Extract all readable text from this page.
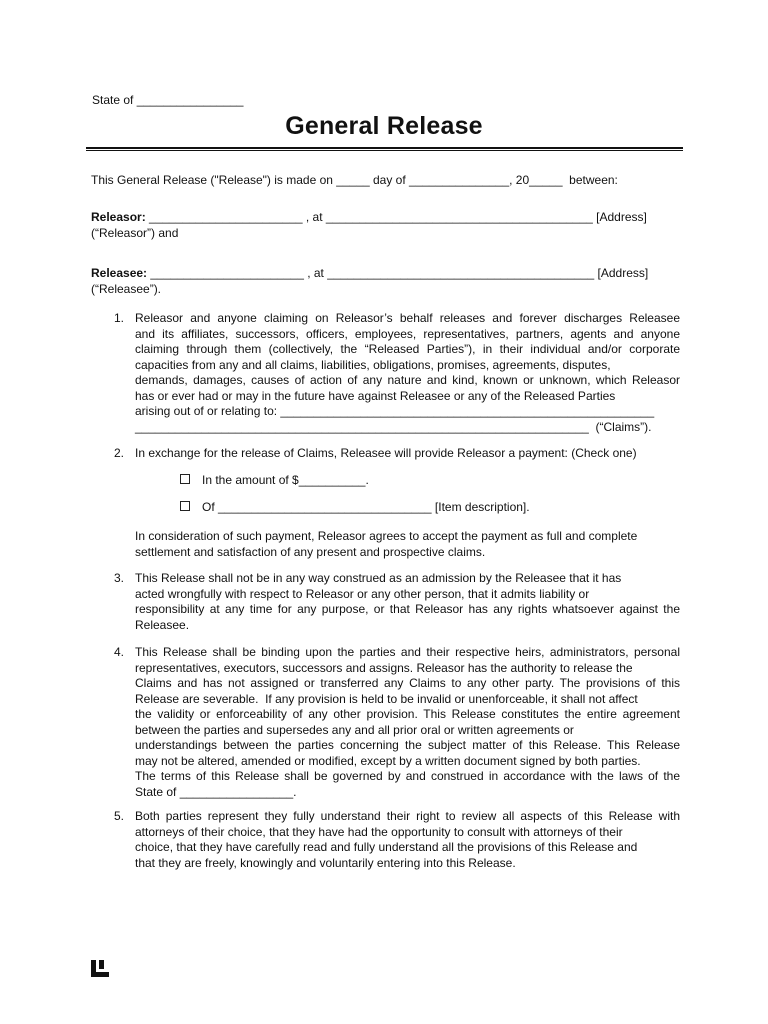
State of ________________
General Release
This General Release ("Release") is made on _____ day of _______________, 20_____  between:
Releasor: _______________________ , at ________________________________________ [Address]
(“Releasor”) and
Releasee: _______________________ , at ________________________________________ [Address]
(“Releasee”).
1. Releasor and anyone claiming on Releasor’s behalf releases and forever discharges Releasee
and its affiliates, successors, officers, employees, representatives, partners, agents and anyone
claiming through them (collectively, the “Released Parties”), in their individual and/or corporate
capacities from any and all claims, liabilities, obligations, promises, agreements, disputes,
demands, damages, causes of action of any nature and kind, known or unknown, which Releasor
has or ever had or may in the future have against Releasee or any of the Released Parties
arising out of or relating to: ________________________________________________________
____________________________________________________________________  (“Claims”).
2. In exchange for the release of Claims, Releasee will provide Releasor a payment: (Check one)
In the amount of $__________.
Of ________________________________ [Item description].
In consideration of such payment, Releasor agrees to accept the payment as full and complete
settlement and satisfaction of any present and prospective claims.
3. This Release shall not be in any way construed as an admission by the Releasee that it has
acted wrongfully with respect to Releasor or any other person, that it admits liability or
responsibility at any time for any purpose, or that Releasor has any rights whatsoever against the
Releasee.
4. This Release shall be binding upon the parties and their respective heirs, administrators, personal
representatives, executors, successors and assigns. Releasor has the authority to release the
Claims and has not assigned or transferred any Claims to any other party. The provisions of this
Release are severable.  If any provision is held to be invalid or unenforceable, it shall not affect
the validity or enforceability of any other provision. This Release constitutes the entire agreement
between the parties and supersedes any and all prior oral or written agreements or
understandings between the parties concerning the subject matter of this Release. This Release
may not be altered, amended or modified, except by a written document signed by both parties.
The terms of this Release shall be governed by and construed in accordance with the laws of the
State of _________________.
5. Both parties represent they fully understand their right to review all aspects of this Release with
attorneys of their choice, that they have had the opportunity to consult with attorneys of their
choice, that they have carefully read and fully understand all the provisions of this Release and
that they are freely, knowingly and voluntarily entering into this Release.
